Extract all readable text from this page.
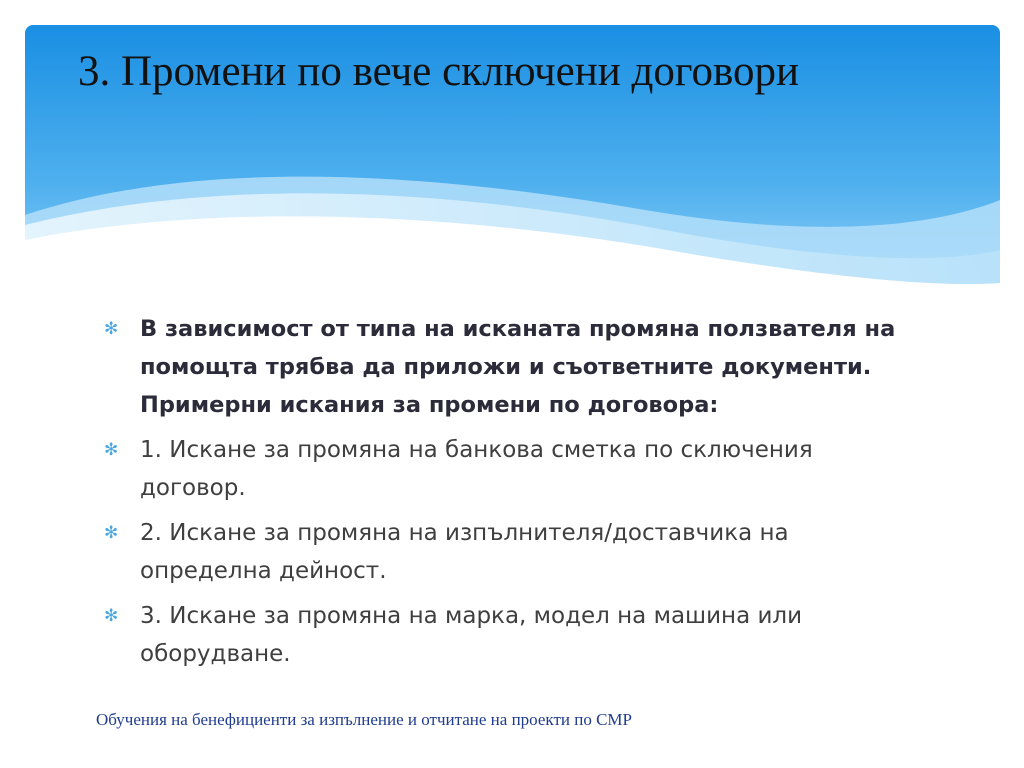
3. Промени по вече сключени договори
✻ В зависимост от типа на исканата промяна ползвателя на помощта трябва да приложи и съответните документи. Примерни искания за промени по договора:
✻ 1. Искане за промяна на банкова сметка по сключения договор.
✻ 2. Искане за промяна на изпълнителя/доставчика на определна дейност.
✻ 3. Искане за промяна на марка, модел на машина или оборудване.

Обучения на бенефициенти за изпълнение и отчитане на проекти по СМР
